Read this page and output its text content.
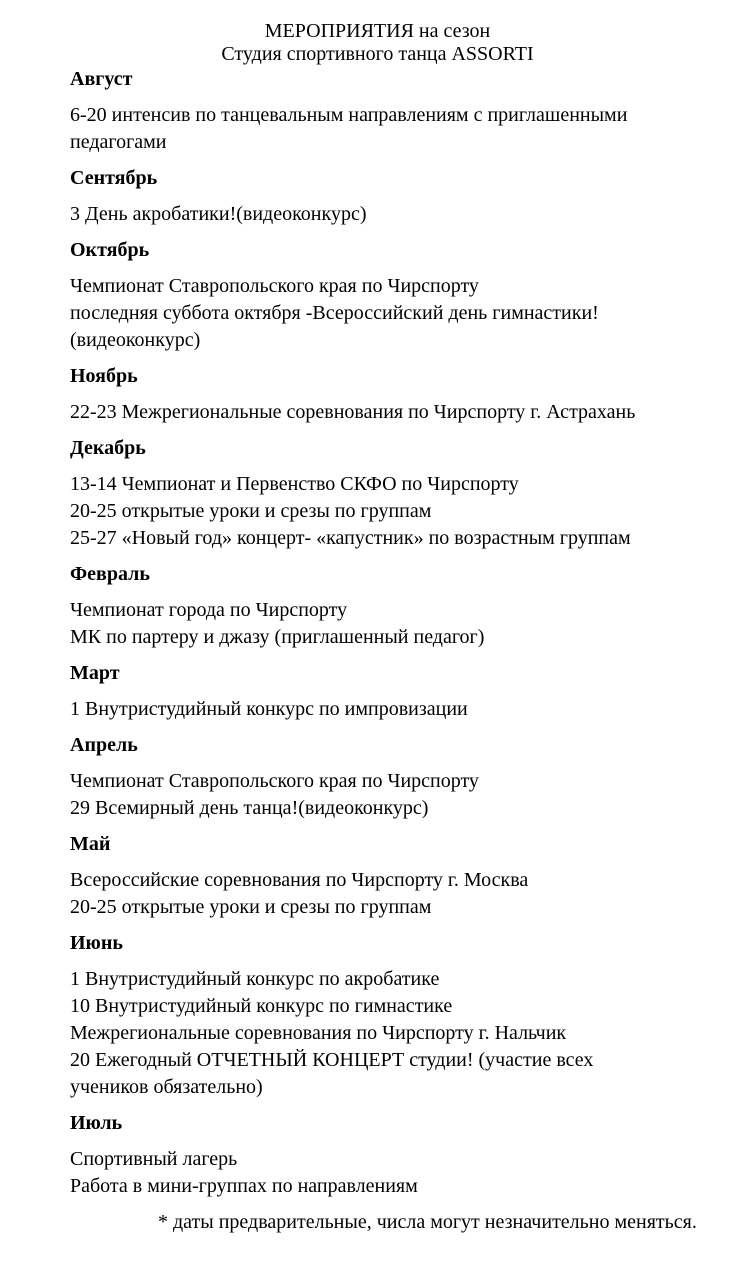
МЕРОПРИЯТИЯ на сезон
Студия спортивного танца ASSORTI
Август
6-20 интенсив по танцевальным направлениям с приглашенными
педагогами
Сентябрь
3 День акробатики!(видеоконкурс)
Октябрь
Чемпионат Ставропольского края по Чирспорту
последняя суббота октября -Всероссийский день гимнастики!
(видеоконкурс)
Ноябрь
22-23 Межрегиональные соревнования по Чирспорту г. Астрахань
Декабрь
13-14 Чемпионат и Первенство СКФО по Чирспорту
20-25 открытые уроки и срезы по группам
25-27 «Новый год» концерт- «капустник» по возрастным группам
Февраль
Чемпионат города по Чирспорту
МК по партеру и джазу (приглашенный педагог)
Март
1 Внутристудийный конкурс по импровизации
Апрель
Чемпионат Ставропольского края по Чирспорту
29 Всемирный день танца!(видеоконкурс)
Май
Всероссийские соревнования по Чирспорту г. Москва
20-25 открытые уроки и срезы по группам
Июнь
1 Внутристудийный конкурс по акробатике
10 Внутристудийный конкурс по гимнастике
Межрегиональные соревнования по Чирспорту г. Нальчик
20 Ежегодный ОТЧЕТНЫЙ КОНЦЕРТ студии! (участие всех
учеников обязательно)
Июль
Спортивный лагерь
Работа в мини-группах по направлениям
* даты предварительные, числа могут незначительно меняться.
